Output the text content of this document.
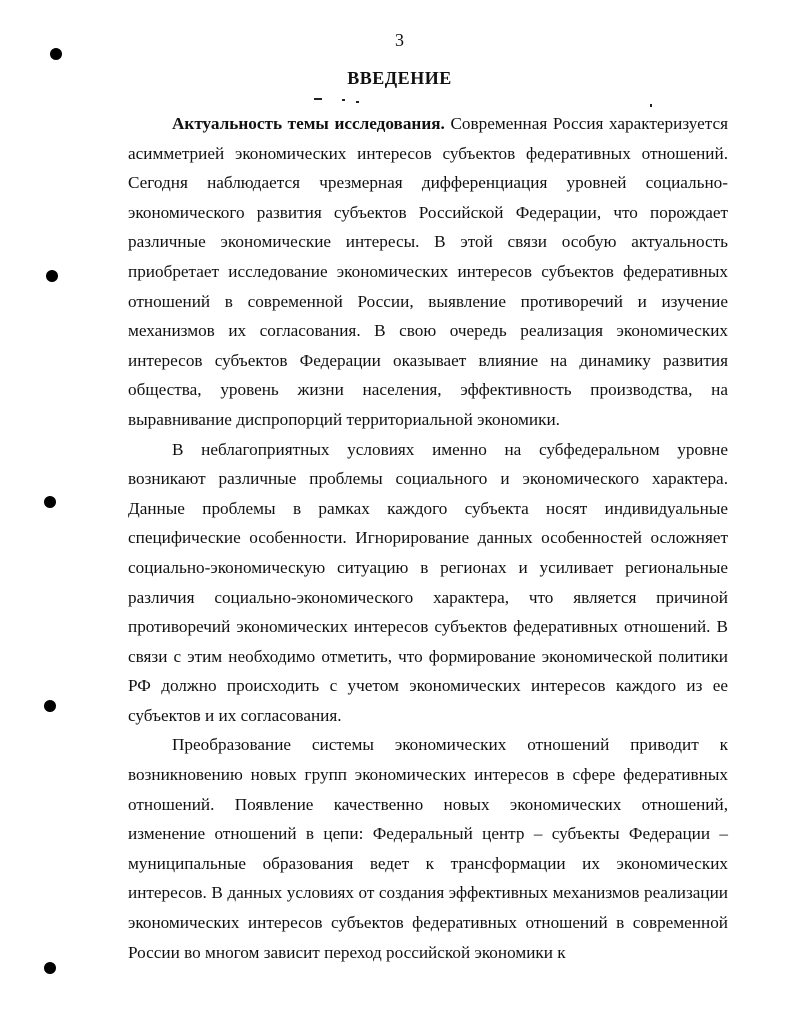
3
ВВЕДЕНИЕ

Актуальность темы исследования. Современная Россия характеризуется асимметрией экономических интересов субъектов федеративных отношений. Сегодня наблюдается чрезмерная дифференциация уровней социально-экономического развития субъектов Российской Федерации, что порождает различные экономические интересы. В этой связи особую актуальность приобретает исследование экономических интересов субъектов федеративных отношений в современной России, выявление противоречий и изучение механизмов их согласования. В свою очередь реализация экономических интересов субъектов Федерации оказывает влияние на динамику развития общества, уровень жизни населения, эффективность производства, на выравнивание диспропорций территориальной экономики.

В неблагоприятных условиях именно на субфедеральном уровне возникают различные проблемы социального и экономического характера. Данные проблемы в рамках каждого субъекта носят индивидуальные специфические особенности. Игнорирование данных особенностей осложняет социально-экономическую ситуацию в регионах и усиливает региональные различия социально-экономического характера, что является причиной противоречий экономических интересов субъектов федеративных отношений. В связи с этим необходимо отметить, что формирование экономической политики РФ должно происходить с учетом экономических интересов каждого из ее субъектов и их согласования.

Преобразование системы экономических отношений приводит к возникновению новых групп экономических интересов в сфере федеративных отношений. Появление качественно новых экономических отношений, изменение отношений в цепи: Федеральный центр – субъекты Федерации – муниципальные образования ведет к трансформации их экономических интересов. В данных условиях от создания эффективных механизмов реализации экономических интересов субъектов федеративных отношений в современной России во многом зависит переход российской экономики к
